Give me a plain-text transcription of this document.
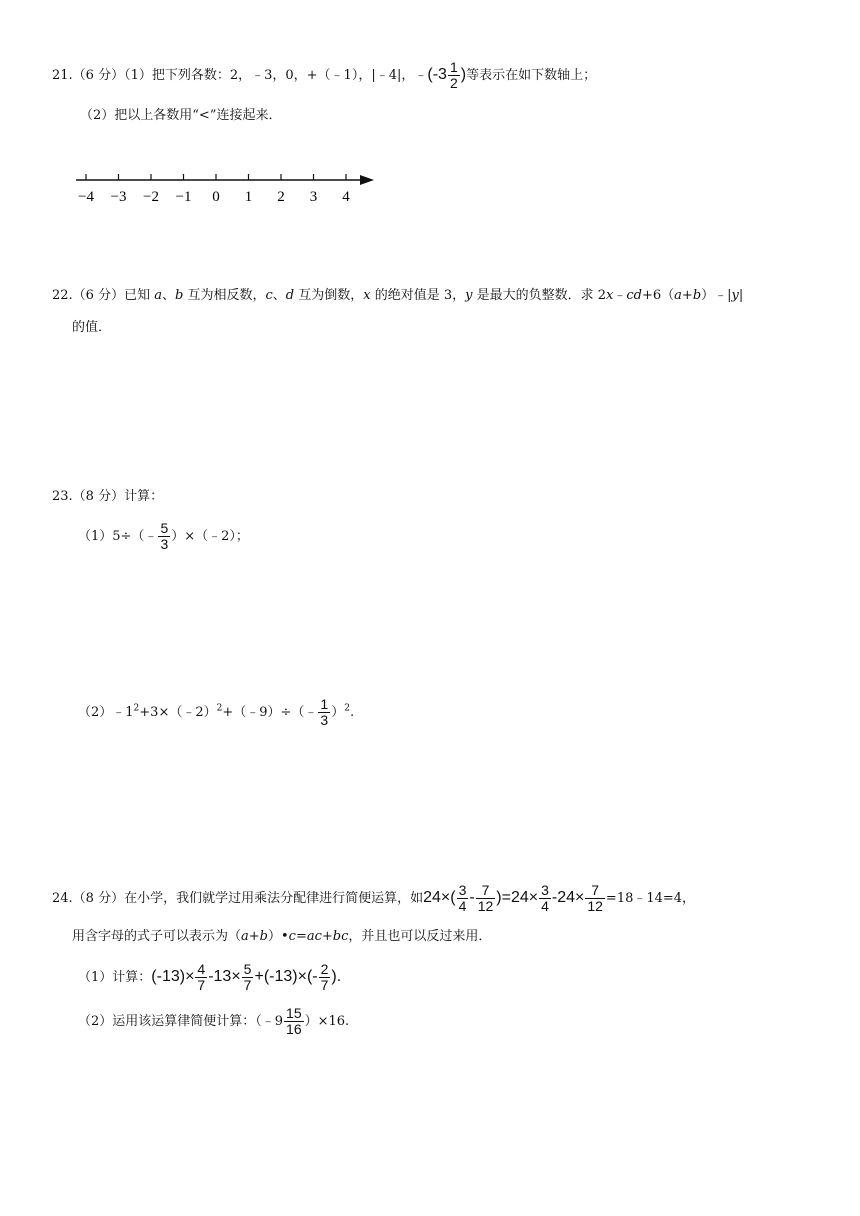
21.（6 分）（1）把下列各数：2，﹣3，0，+（﹣1），|﹣4|，﹣(-3 $\frac{1}{2}$ )等表示在如下数轴上；
（2）把以上各数用“<”连接起来．
−4 −3 −2 −1 0 1 2 3 4
22.（6 分）已知 a、b 互为相反数，c、d 互为倒数，x 的绝对值是 3，y 是最大的负整数．求 2x﹣cd+6（a+b）﹣|y|
的值．
23.（8 分）计算：
（1）5÷（﹣ $\frac{5}{3}$ ）×（﹣2）；
$(2)﹣1^2+3\times(﹣2)^2+(﹣9)\div(﹣ \frac{1}{3} )^2$.
24.（8 分）在小学，我们就学过用乘法分配律进行简便运算，如$24\times( \frac{3}{4} - \frac{7}{12} )=24\times \frac{3}{4} -24\times \frac{7}{12}$ =18﹣14=4，
用含字母的式子可以表示为（a+b）•c=ac+bc，并且也可以反过来用．
（1）计算：$(-13)\times \frac{4}{7} -13\times \frac{5}{7} +(-13)\times(- \frac{2}{7}$ ).
（2）运用该运算律简便计算：（﹣9 $\frac{15}{16} )\times 16$.
